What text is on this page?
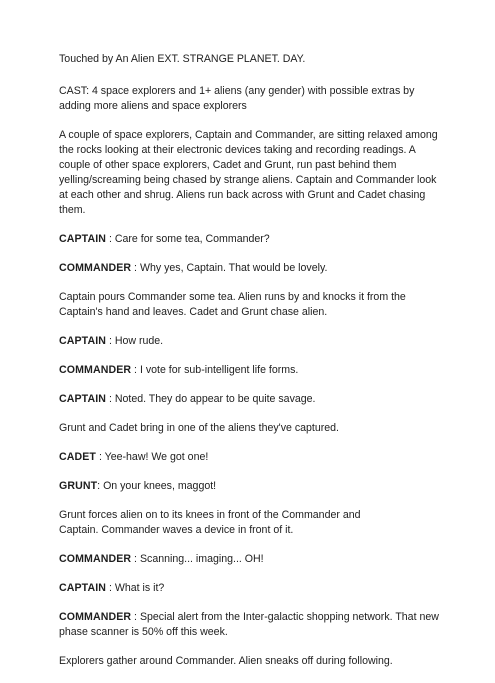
Touched by An Alien EXT. STRANGE PLANET. DAY.

CAST: 4 space explorers and 1+ aliens (any gender) with possible extras by adding more aliens and space explorers

A couple of space explorers, Captain and Commander, are sitting relaxed among the rocks looking at their electronic devices taking and recording readings. A couple of other space explorers, Cadet and Grunt, run past behind them yelling/screaming being chased by strange aliens. Captain and Commander look at each other and shrug. Aliens run back across with Grunt and Cadet chasing them.

CAPTAIN : Care for some tea, Commander?

COMMANDER : Why yes, Captain. That would be lovely.

Captain pours Commander some tea. Alien runs by and knocks it from the Captain's hand and leaves. Cadet and Grunt chase alien.

CAPTAIN : How rude.

COMMANDER : I vote for sub-intelligent life forms.

CAPTAIN : Noted. They do appear to be quite savage.

Grunt and Cadet bring in one of the aliens they've captured.

CADET : Yee-haw! We got one!

GRUNT: On your knees, maggot!

Grunt forces alien on to its knees in front of the Commander and
Captain. Commander waves a device in front of it.

COMMANDER : Scanning... imaging... OH!

CAPTAIN : What is it?

COMMANDER : Special alert from the Inter-galactic shopping network. That new phase scanner is 50% off this week.

Explorers gather around Commander. Alien sneaks off during following.
